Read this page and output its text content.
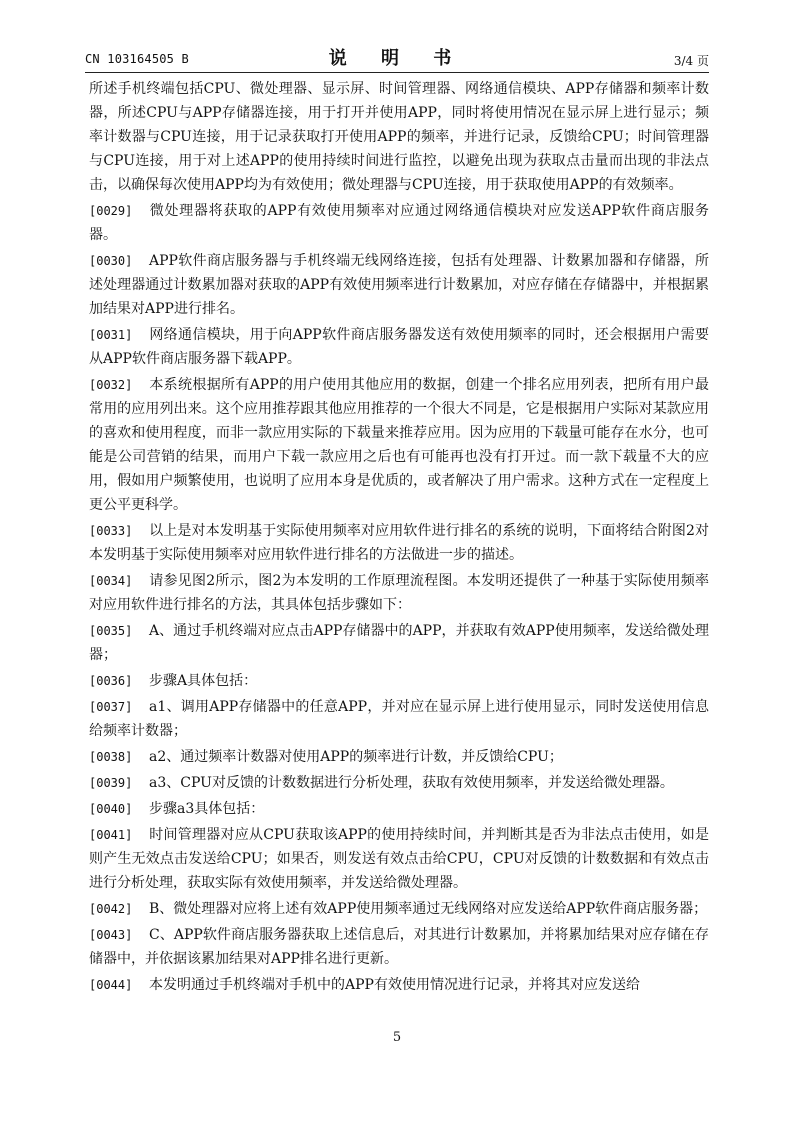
CN 103164505 B	说 明 书	3/4 页

所述手机终端包括CPU、微处理器、显示屏、时间管理器、网络通信模块、APP存储器和频率计数器，所述CPU与APP存储器连接，用于打开并使用APP，同时将使用情况在显示屏上进行显示；频率计数器与CPU连接，用于记录获取打开使用APP的频率，并进行记录，反馈给CPU；时间管理器与CPU连接，用于对上述APP的使用持续时间进行监控，以避免出现为获取点击量而出现的非法点击，以确保每次使用APP均为有效使用；微处理器与CPU连接，用于获取使用APP的有效频率。

[0029] 微处理器将获取的APP有效使用频率对应通过网络通信模块对应发送APP软件商店服务器。

[0030] APP软件商店服务器与手机终端无线网络连接，包括有处理器、计数累加器和存储器，所述处理器通过计数累加器对获取的APP有效使用频率进行计数累加，对应存储在存储器中，并根据累加结果对APP进行排名。

[0031] 网络通信模块，用于向APP软件商店服务器发送有效使用频率的同时，还会根据用户需要从APP软件商店服务器下载APP。

[0032] 本系统根据所有APP的用户使用其他应用的数据，创建一个排名应用列表，把所有用户最常用的应用列出来。这个应用推荐跟其他应用推荐的一个很大不同是，它是根据用户实际对某款应用的喜欢和使用程度，而非一款应用实际的下载量来推荐应用。因为应用的下载量可能存在水分，也可能是公司营销的结果，而用户下载一款应用之后也有可能再也没有打开过。而一款下载量不大的应用，假如用户频繁使用，也说明了应用本身是优质的，或者解决了用户需求。这种方式在一定程度上更公平更科学。

[0033] 以上是对本发明基于实际使用频率对应用软件进行排名的系统的说明，下面将结合附图2对本发明基于实际使用频率对应用软件进行排名的方法做进一步的描述。

[0034] 请参见图2所示，图2为本发明的工作原理流程图。本发明还提供了一种基于实际使用频率对应用软件进行排名的方法，其具体包括步骤如下：

[0035] A、通过手机终端对应点击APP存储器中的APP，并获取有效APP使用频率，发送给微处理器；

[0036] 步骤A具体包括：

[0037] a1、调用APP存储器中的任意APP，并对应在显示屏上进行使用显示，同时发送使用信息给频率计数器；

[0038] a2、通过频率计数器对使用APP的频率进行计数，并反馈给CPU；

[0039] a3、CPU对反馈的计数数据进行分析处理，获取有效使用频率，并发送给微处理器。

[0040] 步骤a3具体包括：

[0041] 时间管理器对应从CPU获取该APP的使用持续时间，并判断其是否为非法点击使用，如是则产生无效点击发送给CPU；如果否，则发送有效点击给CPU，CPU对反馈的计数数据和有效点击进行分析处理，获取实际有效使用频率，并发送给微处理器。

[0042] B、微处理器对应将上述有效APP使用频率通过无线网络对应发送给APP软件商店服务器；

[0043] C、APP软件商店服务器获取上述信息后，对其进行计数累加，并将累加结果对应存储在存储器中，并依据该累加结果对APP排名进行更新。

[0044] 本发明通过手机终端对手机中的APP有效使用情况进行记录，并将其对应发送给

5
